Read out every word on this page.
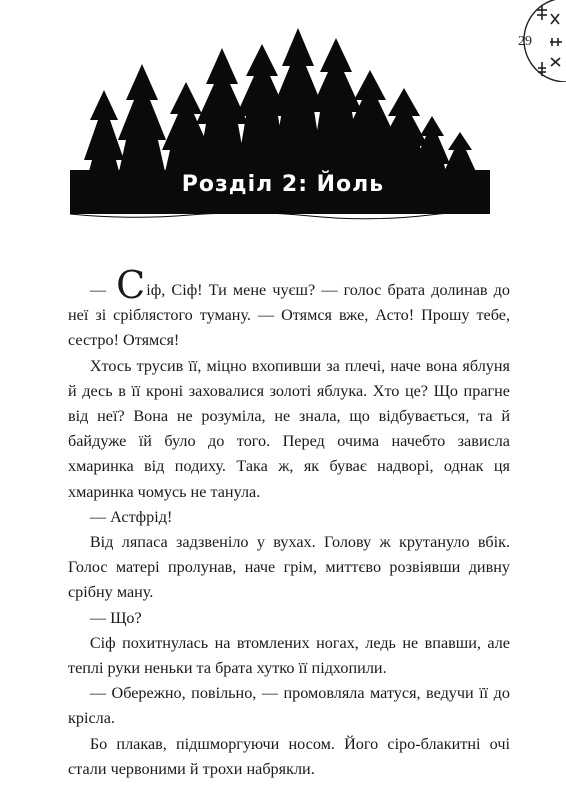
29
Розділ 2: Йоль

— Сіф, Сіф! Ти мене чуєш? — голос брата долинав до неї зі сріблястого туману. — Отямся вже, Асто! Прошу тебе, сестро! Отямся!

Хтось трусив її, міцно вхопивши за плечі, наче вона яблуня й десь в її кроні заховалися золоті яблука. Хто це? Що прагне від неї? Вона не розуміла, не знала, що відбувається, та й байдуже їй було до того. Перед очима начебто зависла хмаринка від подиху. Така ж, як буває надворі, однак ця хмаринка чомусь не танула.

— Астфрід!

Від ляпаса задзвеніло у вухах. Голову ж крутануло вбік. Голос матері пролунав, наче грім, миттєво розвіявши дивну срібну ману.

— Що?

Сіф похитнулась на втомлених ногах, ледь не впавши, але теплі руки неньки та брата хутко її підхопили.

— Обережно, повільно, — промовляла матуся, ведучи її до крісла.

Бо плакав, підшморгуючи носом. Його сіро-блакитні очі стали червоними й трохи набрякли.
